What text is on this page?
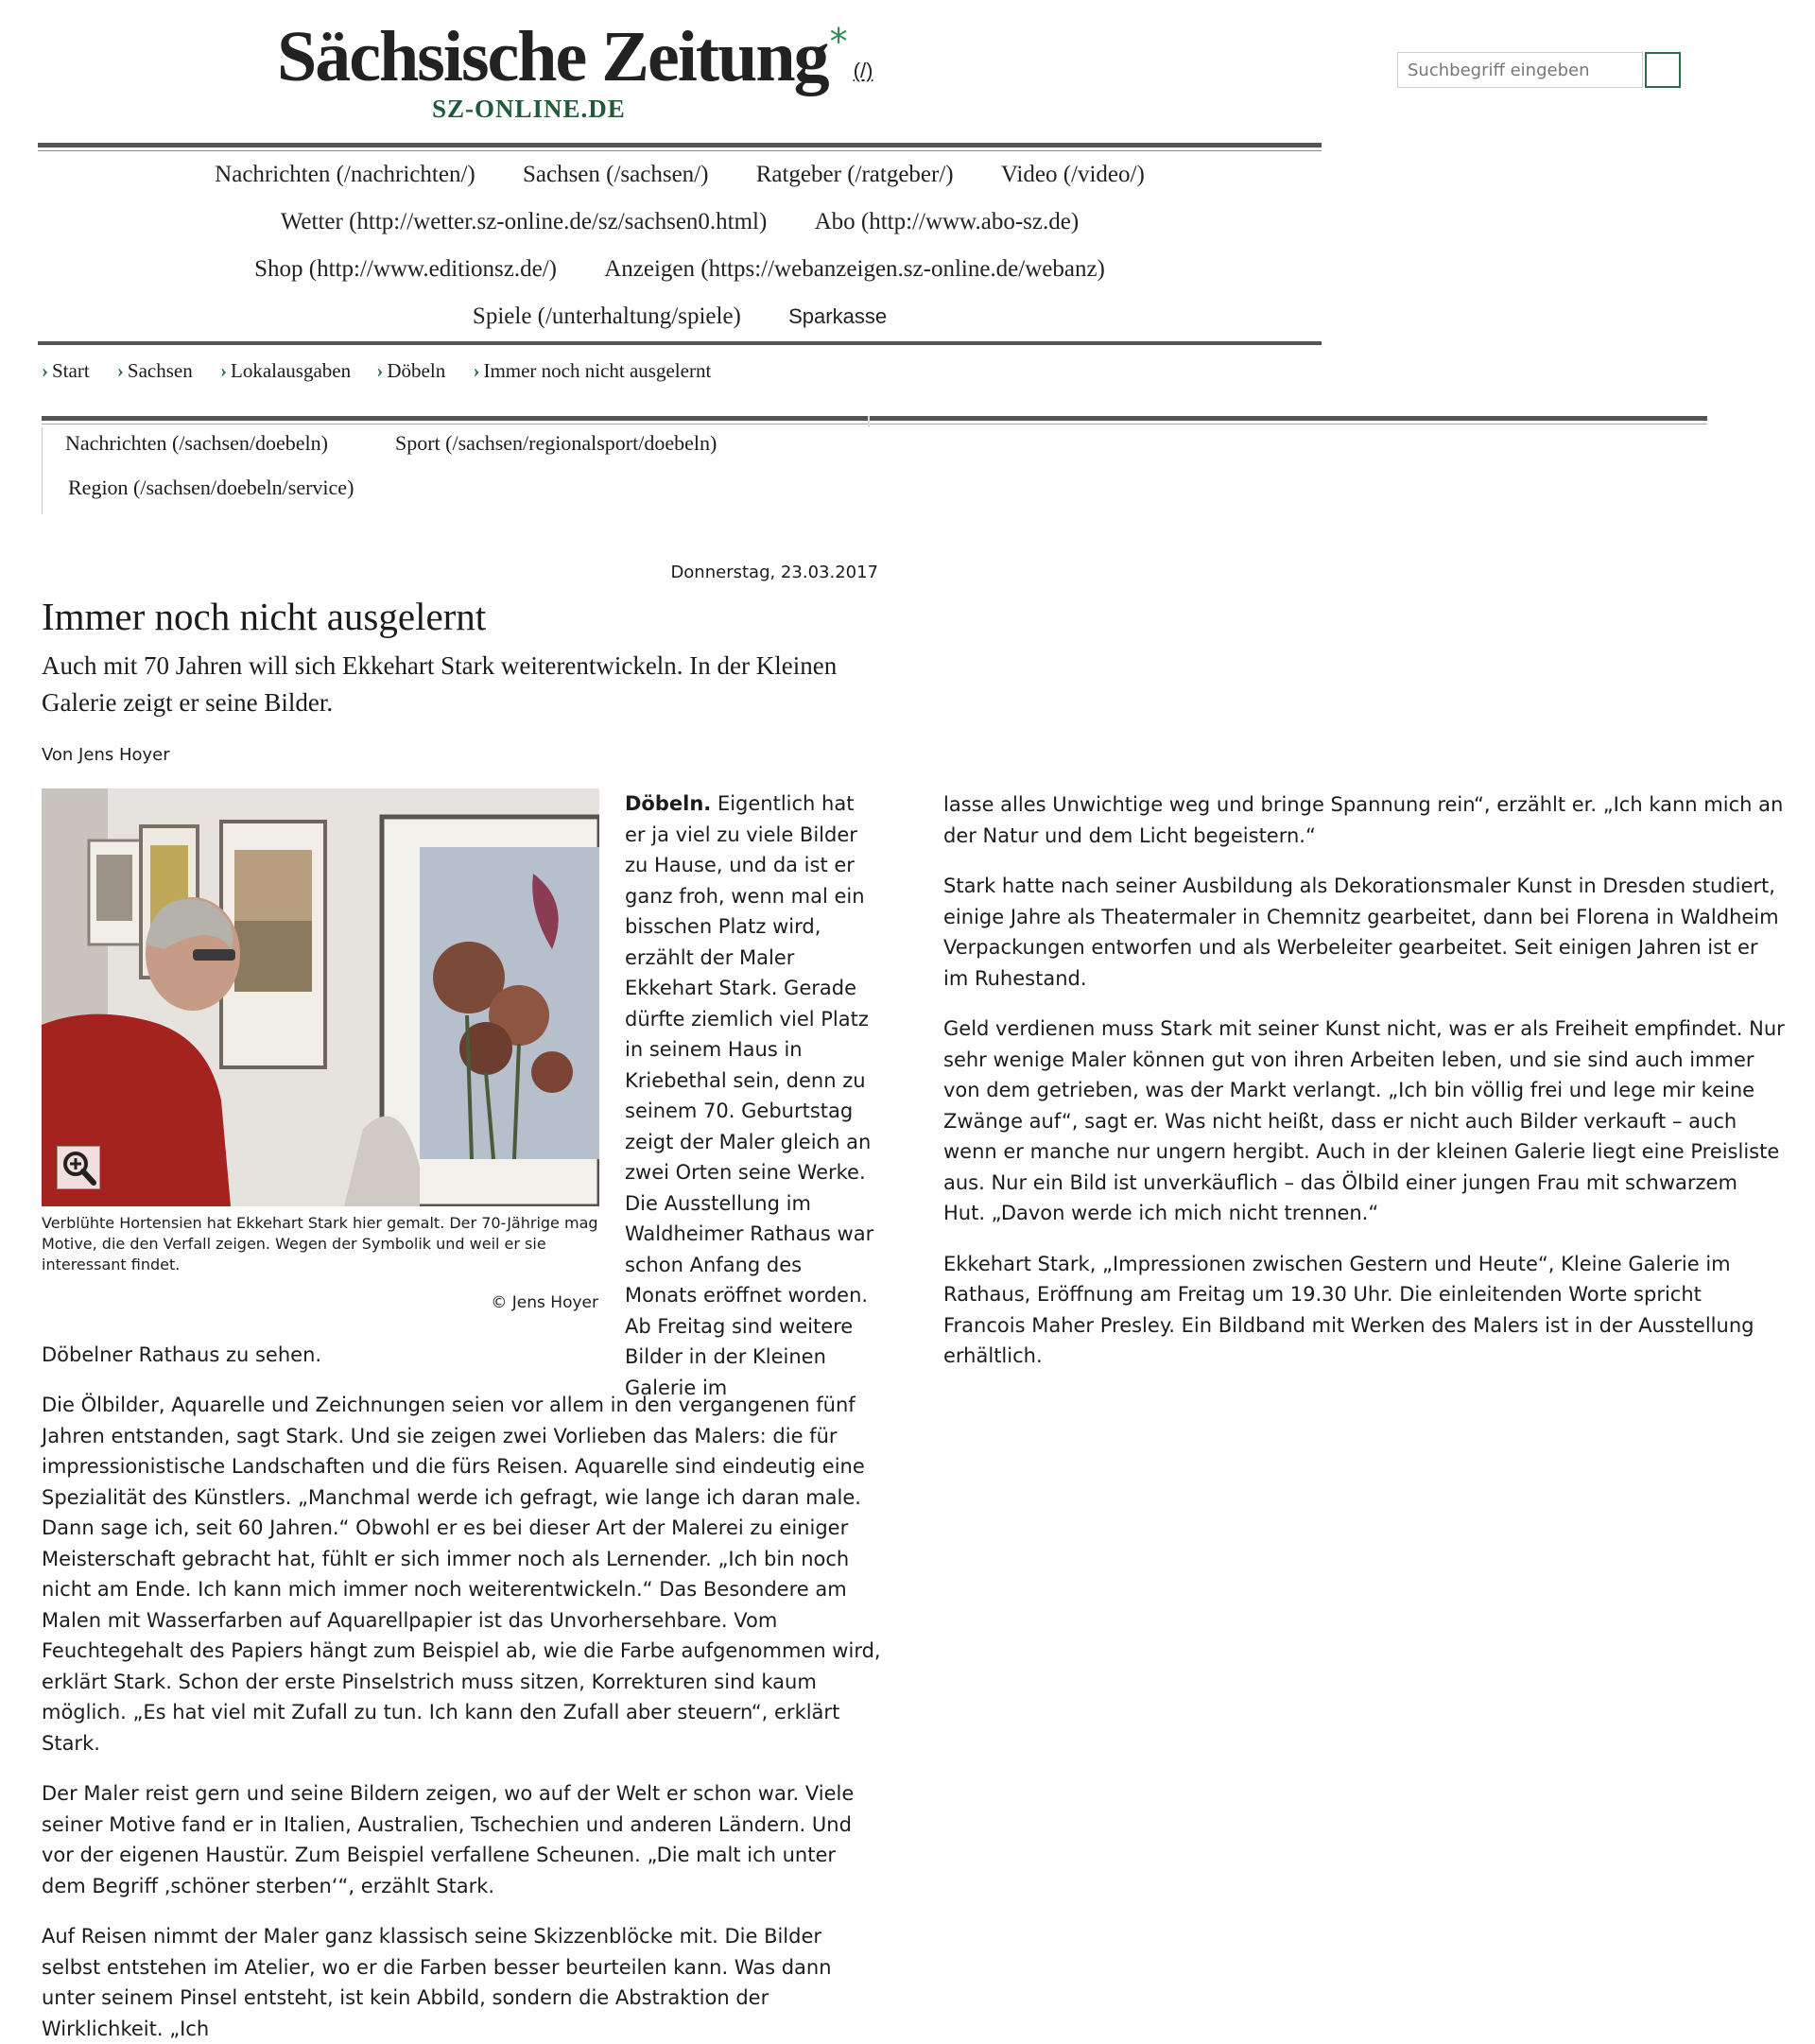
Sächsische Zeitung*(/)
SZ-ONLINE.DE
Suchbegriff eingeben
Nachrichten (/nachrichten/) Sachsen (/sachsen/) Ratgeber (/ratgeber/) Video (/video/)
Wetter (http://wetter.sz-online.de/sz/sachsen0.html) Abo (http://www.abo-sz.de)
Shop (http://www.editionsz.de/) Anzeigen (https://webanzeigen.sz-online.de/webanz)
Spiele (/unterhaltung/spiele) Sparkasse
› Start › Sachsen › Lokalausgaben › Döbeln › Immer noch nicht ausgelernt
Nachrichten (/sachsen/doebeln)	Sport (/sachsen/regionalsport/doebeln)
Region (/sachsen/doebeln/service)
Donnerstag, 23.03.2017
Immer noch nicht ausgelernt
Auch mit 70 Jahren will sich Ekkehart Stark weiterentwickeln. In der Kleinen Galerie zeigt er seine Bilder.
Von Jens Hoyer
Verblühte Hortensien hat Ekkehart Stark hier gemalt. Der 70-Jährige mag Motive, die den Verfall zeigen. Wegen der Symbolik und weil er sie interessant findet.
© Jens Hoyer
Döbeln. Eigentlich hat er ja viel zu viele Bilder zu Hause, und da ist er ganz froh, wenn mal ein bisschen Platz wird, erzählt der Maler Ekkehart Stark. Gerade dürfte ziemlich viel Platz in seinem Haus in Kriebethal sein, denn zu seinem 70. Geburtstag zeigt der Maler gleich an zwei Orten seine Werke. Die Ausstellung im Waldheimer Rathaus war schon Anfang des Monats eröffnet worden. Ab Freitag sind weitere Bilder in der Kleinen Galerie im
Döbelner Rathaus zu sehen.

Die Ölbilder, Aquarelle und Zeichnungen seien vor allem in den vergangenen fünf Jahren entstanden, sagt Stark. Und sie zeigen zwei Vorlieben das Malers: die für impressionistische Landschaften und die fürs Reisen. Aquarelle sind eindeutig eine Spezialität des Künstlers. „Manchmal werde ich gefragt, wie lange ich daran male. Dann sage ich, seit 60 Jahren.“ Obwohl er es bei dieser Art der Malerei zu einiger Meisterschaft gebracht hat, fühlt er sich immer noch als Lernender. „Ich bin noch nicht am Ende. Ich kann mich immer noch weiterentwickeln.“ Das Besondere am Malen mit Wasserfarben auf Aquarellpapier ist das Unvorhersehbare. Vom Feuchtegehalt des Papiers hängt zum Beispiel ab, wie die Farbe aufgenommen wird, erklärt Stark. Schon der erste Pinselstrich muss sitzen, Korrekturen sind kaum möglich. „Es hat viel mit Zufall zu tun. Ich kann den Zufall aber steuern“, erklärt Stark.

Der Maler reist gern und seine Bildern zeigen, wo auf der Welt er schon war. Viele seiner Motive fand er in Italien, Australien, Tschechien und anderen Ländern. Und vor der eigenen Haustür. Zum Beispiel verfallene Scheunen. „Die malt ich unter dem Begriff ‚schöner sterben‘“, erzählt Stark.

Auf Reisen nimmt der Maler ganz klassisch seine Skizzenblöcke mit. Die Bilder selbst entstehen im Atelier, wo er die Farben besser beurteilen kann. Was dann unter seinem Pinsel entsteht, ist kein Abbild, sondern die Abstraktion der Wirklichkeit. „Ich

lasse alles Unwichtige weg und bringe Spannung rein“, erzählt er. „Ich kann mich an der Natur und dem Licht begeistern.“

Stark hatte nach seiner Ausbildung als Dekorationsmaler Kunst in Dresden studiert, einige Jahre als Theatermaler in Chemnitz gearbeitet, dann bei Florena in Waldheim Verpackungen entworfen und als Werbeleiter gearbeitet. Seit einigen Jahren ist er im Ruhestand.

Geld verdienen muss Stark mit seiner Kunst nicht, was er als Freiheit empfindet. Nur sehr wenige Maler können gut von ihren Arbeiten leben, und sie sind auch immer von dem getrieben, was der Markt verlangt. „Ich bin völlig frei und lege mir keine Zwänge auf“, sagt er. Was nicht heißt, dass er nicht auch Bilder verkauft – auch wenn er manche nur ungern hergibt. Auch in der kleinen Galerie liegt eine Preisliste aus. Nur ein Bild ist unverkäuflich – das Ölbild einer jungen Frau mit schwarzem Hut. „Davon werde ich mich nicht trennen.“

Ekkehart Stark, „Impressionen zwischen Gestern und Heute“, Kleine Galerie im Rathaus, Eröffnung am Freitag um 19.30 Uhr. Die einleitenden Worte spricht Francois Maher Presley. Ein Bildband mit Werken des Malers ist in der Ausstellung erhältlich.
